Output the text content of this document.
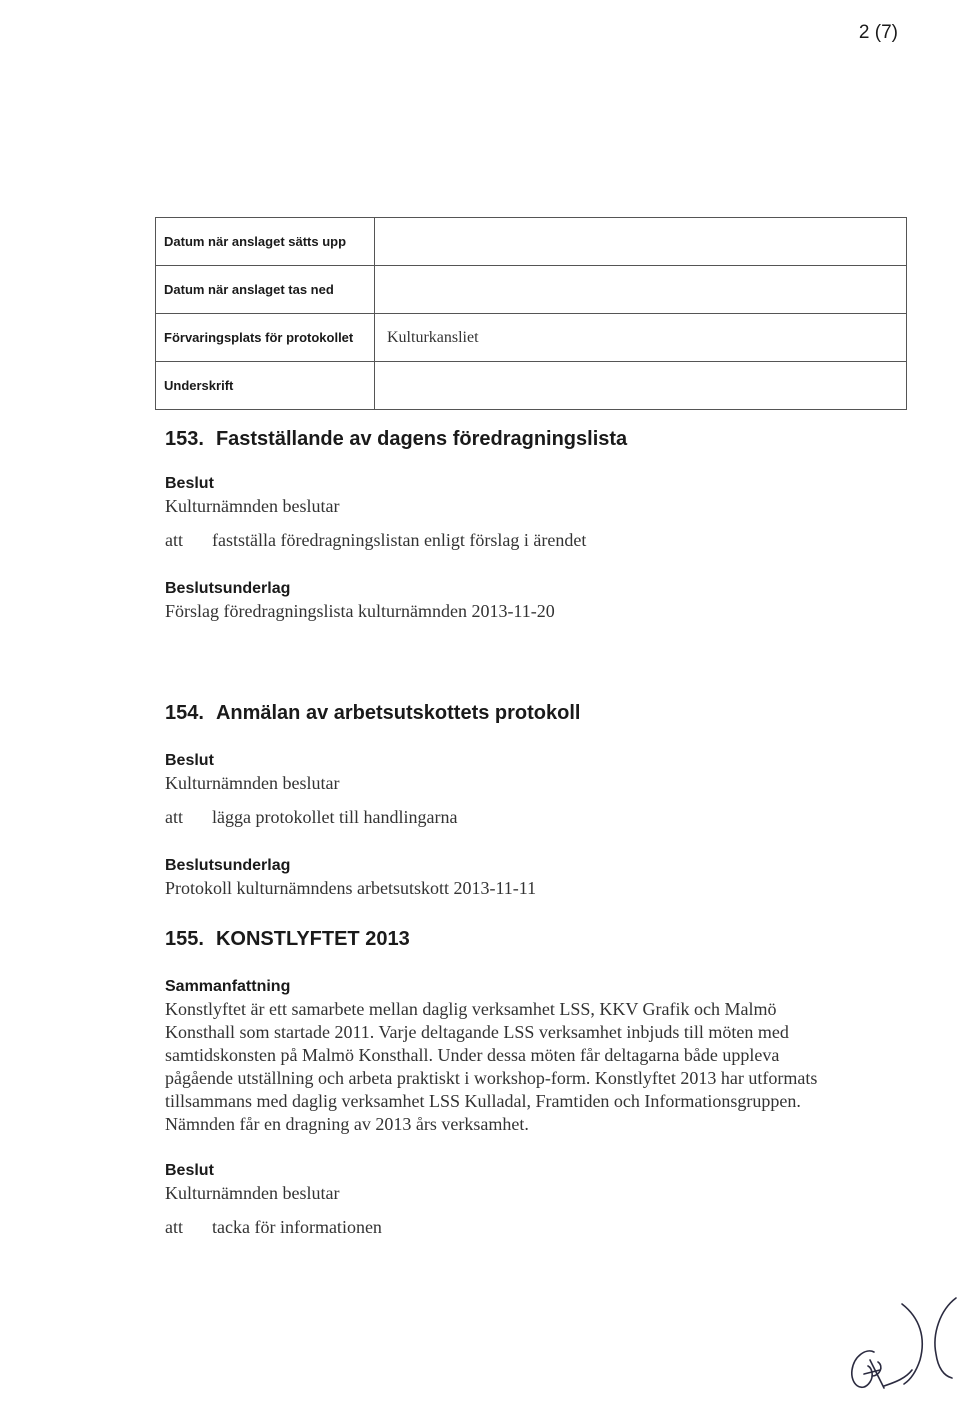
2 (7)
Datum när anslaget sätts upp	
Datum när anslaget tas ned	
Förvaringsplats för protokollet	Kulturkansliet
Underskrift	
153. Fastställande av dagens föredragningslista

Beslut

Kulturnämnden beslutar

att	fastställa föredragningslistan enligt förslag i ärendet

Beslutsunderlag

Förslag föredragningslista kulturnämnden 2013-11-20

154. Anmälan av arbetsutskottets protokoll

Beslut

Kulturnämnden beslutar

att	lägga protokollet till handlingarna

Beslutsunderlag

Protokoll kulturnämndens arbetsutskott 2013-11-11

155. KONSTLYFTET 2013

Sammanfattning

Konstlyftet är ett samarbete mellan daglig verksamhet LSS, KKV Grafik och Malmö

Konsthall som startade 2011. Varje deltagande LSS verksamhet inbjuds till möten med

samtidskonsten på Malmö Konsthall. Under dessa möten får deltagarna både uppleva

pågående utställning och arbeta praktiskt i workshop-form. Konstlyftet 2013 har utformats

tillsammans med daglig verksamhet LSS Kulladal, Framtiden och Informationsgruppen.

Nämnden får en dragning av 2013 års verksamhet.

Beslut

Kulturnämnden beslutar

att	tacka för informationen
